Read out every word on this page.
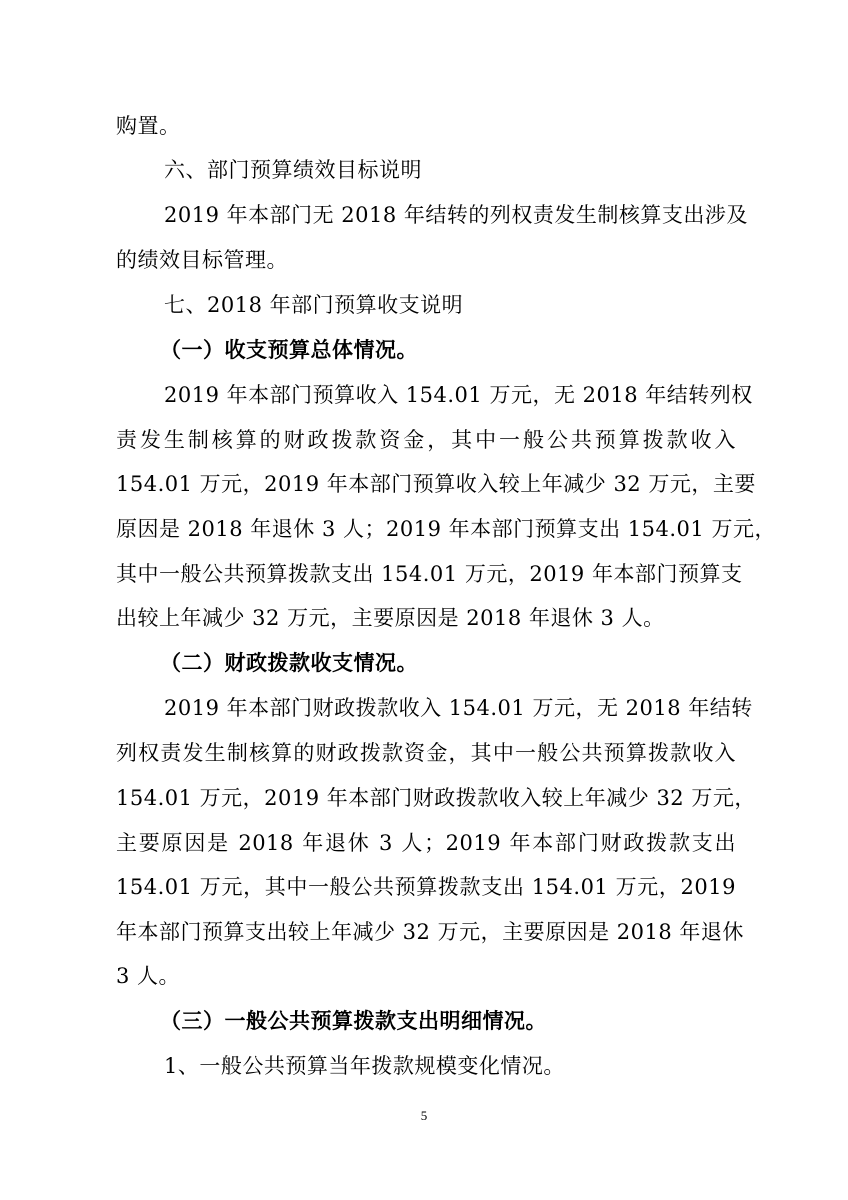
购置。
六、部门预算绩效目标说明
2019 年本部门无 2018 年结转的列权责发生制核算支出涉及
的绩效目标管理。
七、2018 年部门预算收支说明
（一）收支预算总体情况。
2019 年本部门预算收入 154.01 万元，无 2018 年结转列权
责发生制核算的财政拨款资金，其中一般公共预算拨款收入
154.01 万元，2019 年本部门预算收入较上年减少 32 万元，主要
原因是 2018 年退休 3 人；2019 年本部门预算支出 154.01 万元，
其中一般公共预算拨款支出 154.01 万元，2019 年本部门预算支
出较上年减少 32 万元，主要原因是 2018 年退休 3 人。
（二）财政拨款收支情况。
2019 年本部门财政拨款收入 154.01 万元，无 2018 年结转
列权责发生制核算的财政拨款资金，其中一般公共预算拨款收入
154.01 万元，2019 年本部门财政拨款收入较上年减少 32 万元，
主要原因是 2018 年退休 3 人；2019 年本部门财政拨款支出
154.01 万元，其中一般公共预算拨款支出 154.01 万元，2019
年本部门预算支出较上年减少 32 万元，主要原因是 2018 年退休
3 人。
（三）一般公共预算拨款支出明细情况。
1、一般公共预算当年拨款规模变化情况。
5
